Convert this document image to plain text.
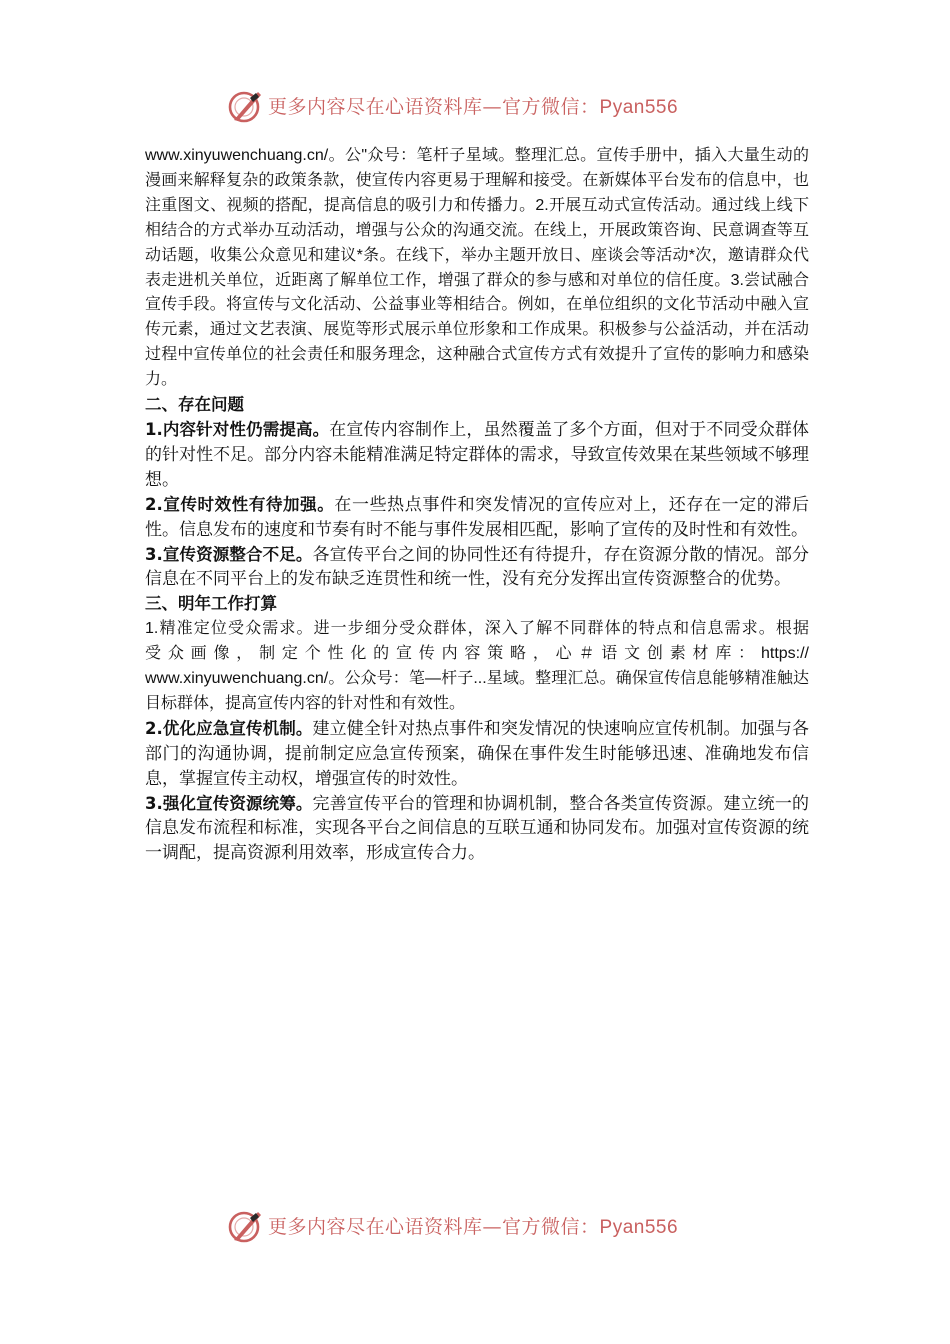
更多内容尽在心语资料库—官方微信：Pyan556

www.xinyuwenchuang.cn/。公"众号：笔杆子星域。整理汇总。宣传手册中，插入大量生动的漫画来解释复杂的政策条款，使宣传内容更易于理解和接受。在新媒体平台发布的信息中，也注重图文、视频的搭配，提高信息的吸引力和传播力。2.开展互动式宣传活动。通过线上线下相结合的方式举办互动活动，增强与公众的沟通交流。在线上，开展政策咨询、民意调查等互动话题，收集公众意见和建议*条。在线下，举办主题开放日、座谈会等活动*次，邀请群众代表走进机关单位，近距离了解单位工作，增强了群众的参与感和对单位的信任度。3.尝试融合宣传手段。将宣传与文化活动、公益事业等相结合。例如，在单位组织的文化节活动中融入宣传元素，通过文艺表演、展览等形式展示单位形象和工作成果。积极参与公益活动，并在活动过程中宣传单位的社会责任和服务理念，这种融合式宣传方式有效提升了宣传的影响力和感染力。

二、存在问题

1.内容针对性仍需提高。在宣传内容制作上，虽然覆盖了多个方面，但对于不同受众群体的针对性不足。部分内容未能精准满足特定群体的需求，导致宣传效果在某些领域不够理想。

2.宣传时效性有待加强。在一些热点事件和突发情况的宣传应对上，还存在一定的滞后性。信息发布的速度和节奏有时不能与事件发展相匹配，影响了宣传的及时性和有效性。

3.宣传资源整合不足。各宣传平台之间的协同性还有待提升，存在资源分散的情况。部分信息在不同平台上的发布缺乏连贯性和统一性，没有充分发挥出宣传资源整合的优势。

三、明年工作打算

1.精准定位受众需求。进一步细分受众群体，深入了解不同群体的特点和信息需求。根据

受众画像，制定个性化的宣传内容策略，心＃语文创素材库：https://

www.xinyuwenchuang.cn/。公众号：笔—杆子...星域。整理汇总。确保宣传信息能够精准触达目标群体，提高宣传内容的针对性和有效性。

2.优化应急宣传机制。建立健全针对热点事件和突发情况的快速响应宣传机制。加强与各部门的沟通协调，提前制定应急宣传预案，确保在事件发生时能够迅速、准确地发布信息，掌握宣传主动权，增强宣传的时效性。

3.强化宣传资源统筹。完善宣传平台的管理和协调机制，整合各类宣传资源。建立统一的信息发布流程和标准，实现各平台之间信息的互联互通和协同发布。加强对宣传资源的统一调配，提高资源利用效率，形成宣传合力。

更多内容尽在心语资料库—官方微信：Pyan556
